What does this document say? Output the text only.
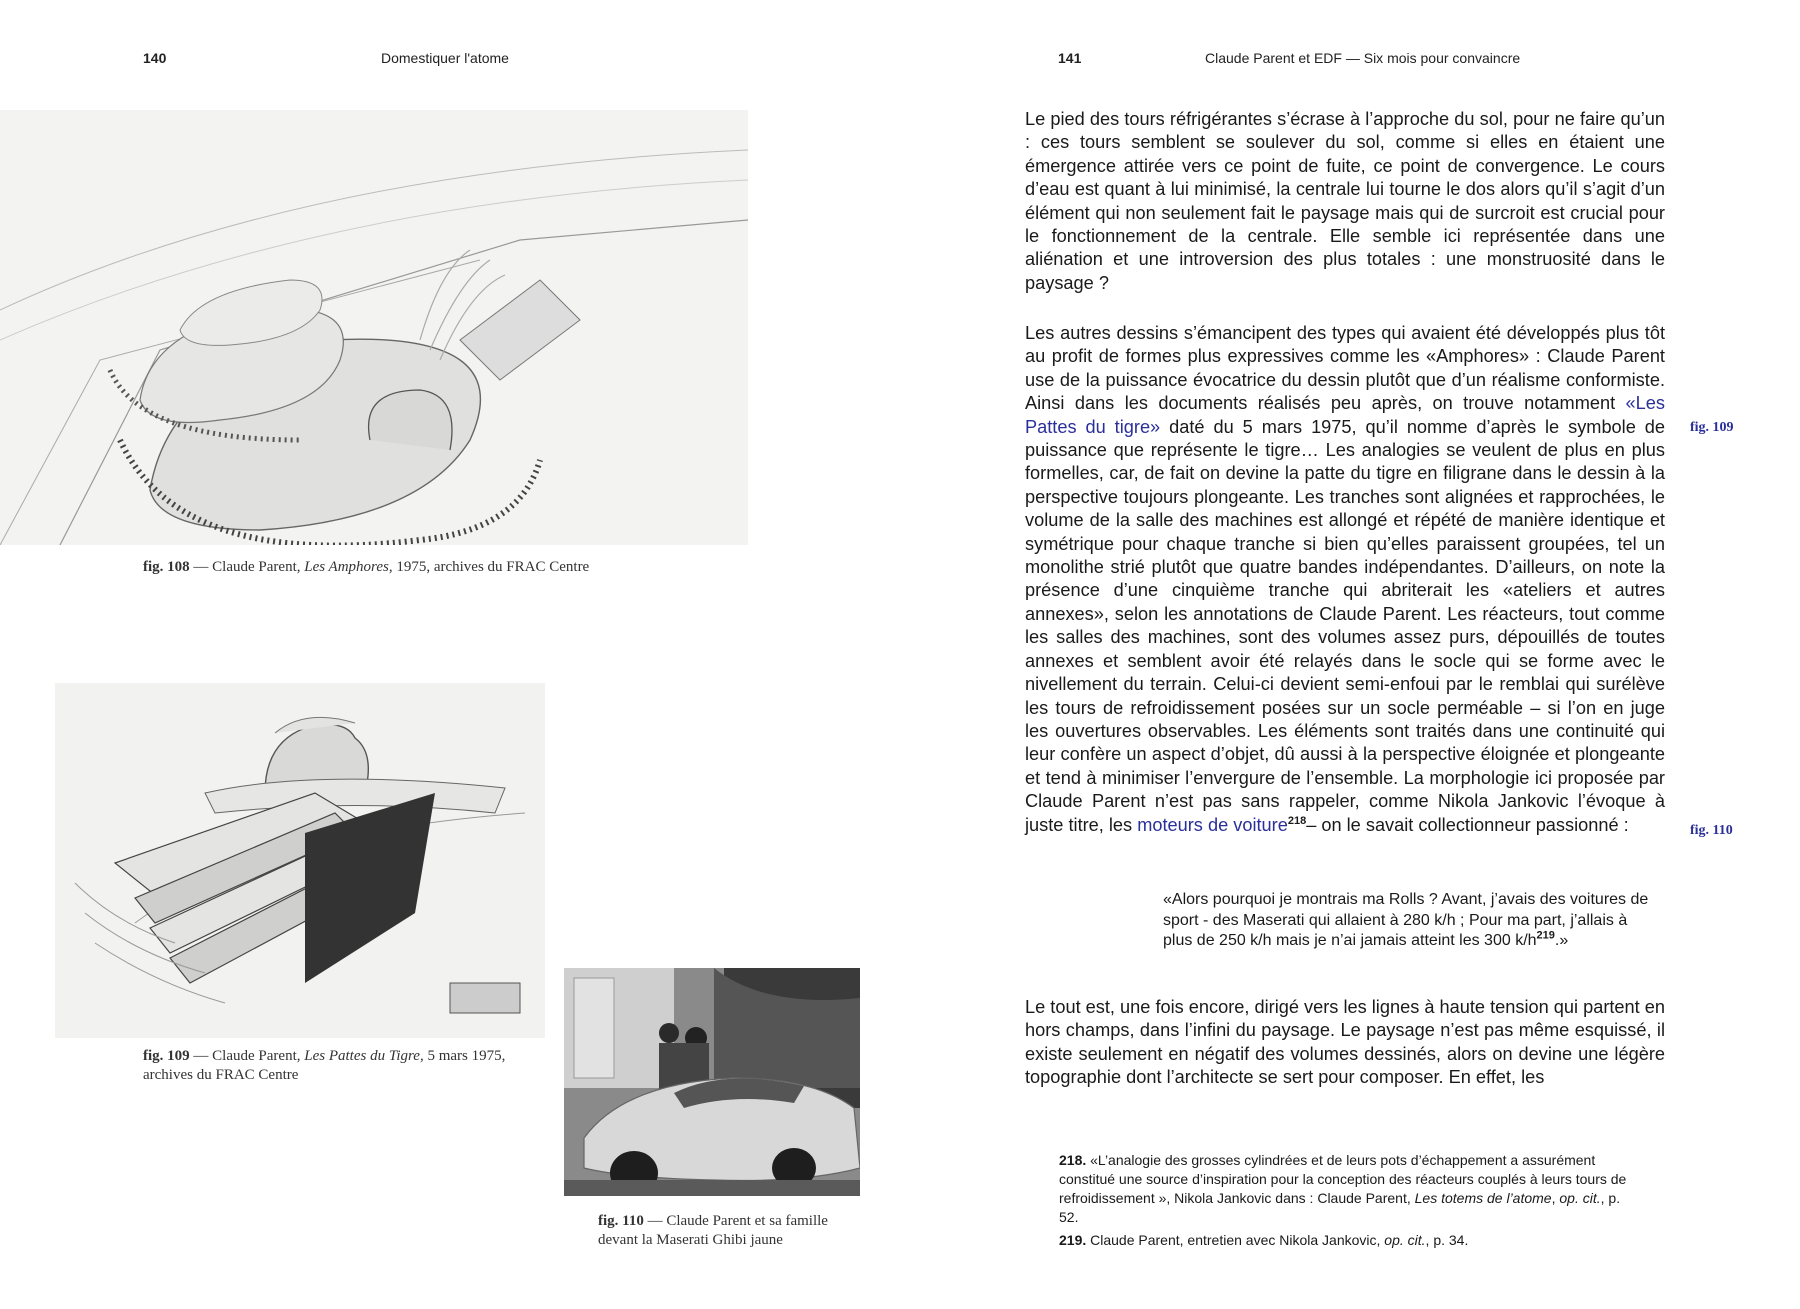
140	Domestiquer l'atome
fig. 108 — Claude Parent, Les Amphores, 1975, archives du FRAC Centre
fig. 109 — Claude Parent, Les Pattes du Tigre, 5 mars 1975,
archives du FRAC Centre
fig. 110 — Claude Parent et sa famille
devant la Maserati Ghibi jaune
141	Claude Parent et EDF — Six mois pour convaincre

Le pied des tours réfrigérantes s’écrase à l’approche du sol, pour ne faire qu’un : ces tours semblent se soulever du sol, comme si elles en étaient une émergence attirée vers ce point de fuite, ce point de convergence. Le cours d’eau est quant à lui minimisé, la centrale lui tourne le dos alors qu’il s’agit d’un élément qui non seulement fait le paysage mais qui de surcroit est crucial pour le fonctionnement de la centrale. Elle semble ici représentée dans une aliénation et une introversion des plus totales : une monstruosité dans le paysage ?

Les autres dessins s’émancipent des types qui avaient été développés plus tôt au profit de formes plus expressives comme les «Amphores» : Claude Parent use de la puissance évocatrice du dessin plutôt que d’un réalisme conformiste. Ainsi dans les documents réalisés peu après, on trouve notamment «Les Pattes du tigre» daté du 5 mars 1975, qu’il nomme d’après le symbole de puissance que représente le tigre… Les analogies se veulent de plus en plus formelles, car, de fait on devine la patte du tigre en filigrane dans le dessin à la perspective toujours plongeante. Les tranches sont alignées et rapprochées, le volume de la salle des machines est allongé et répété de manière identique et symétrique pour chaque tranche si bien qu’elles paraissent groupées, tel un monolithe strié plutôt que quatre bandes indépendantes. D’ailleurs, on note la présence d’une cinquième tranche qui abriterait les «ateliers et autres annexes», selon les annotations de Claude Parent. Les réacteurs, tout comme les salles des machines, sont des volumes assez purs, dépouillés de toutes annexes et semblent avoir été relayés dans le socle qui se forme avec le nivellement du terrain. Celui-ci devient semi-enfoui par le remblai qui surélève les tours de refroidissement posées sur un socle perméable – si l’on en juge les ouvertures observables. Les éléments sont traités dans une continuité qui leur confère un aspect d’objet, dû aussi à la perspective éloignée et plongeante et tend à minimiser l’envergure de l’ensemble. La morphologie ici proposée par Claude Parent n’est pas sans rappeler, comme Nikola Jankovic l’évoque à juste titre, les moteurs de voiture$^{218}$– on le savait collectionneur passionné :

«Alors pourquoi je montrais ma Rolls ? Avant, j’avais des voitures de sport - des Maserati qui allaient à 280 k/h ; Pour ma part, j’allais à plus de 250 k/h mais je n’ai jamais atteint les 300 $k/h^{219}$.»

Le tout est, une fois encore, dirigé vers les lignes à haute tension qui partent en hors champs, dans l’infini du paysage. Le paysage n’est pas même esquissé, il existe seulement en négatif des volumes dessinés, alors on devine une légère topographie dont l’architecte se sert pour composer. En effet, les

fig. 109
fig. 110

218. «L’analogie des grosses cylindrées et de leurs pots d’échappement a assurément constitué une source d’inspiration pour la conception des réacteurs couplés à leurs tours de refroidissement », Nikola Jankovic dans : Claude Parent, Les totems de l’atome, op. cit., p. 52.

219. Claude Parent, entretien avec Nikola Jankovic, op. cit., p. 34.
